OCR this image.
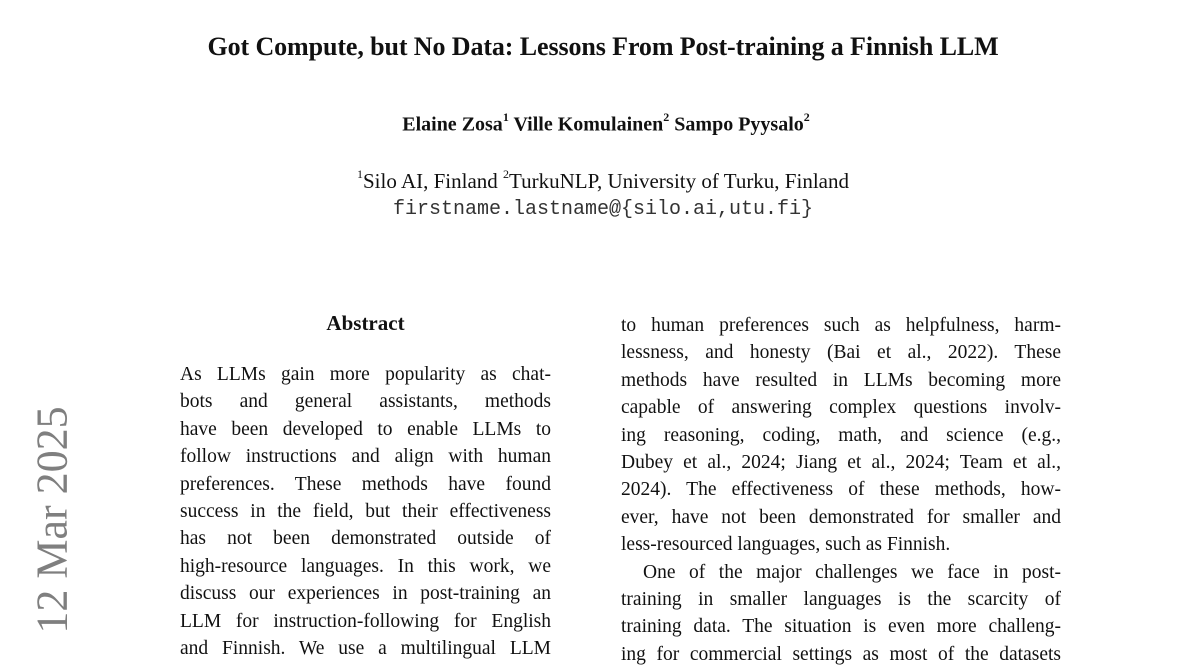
Got Compute, but No Data: Lessons From Post-training a Finnish LLM
Elaine Zosa$^1$ Ville Komulainen$^2$ Sampo Pyysalo$^2$
$^1$Silo AI, Finland $^2$TurkuNLP, University of Turku, Finland
firstname.lastname@{silo.ai,utu.fi}
12 Mar 2025
Abstract
As LLMs gain more popularity as chat-
bots and general assistants, methods
have been developed to enable LLMs to
follow instructions and align with human
preferences. These methods have found
success in the field, but their effectiveness
has not been demonstrated outside of
high-resource languages. In this work, we
discuss our experiences in post-training an
LLM for instruction-following for English
and Finnish. We use a multilingual LLM
to human preferences such as helpfulness, harm-
lessness, and honesty (Bai et al., 2022). These
methods have resulted in LLMs becoming more
capable of answering complex questions involv-
ing reasoning, coding, math, and science (e.g.,
Dubey et al., 2024; Jiang et al., 2024; Team et al.,
2024). The effectiveness of these methods, how-
ever, have not been demonstrated for smaller and
less-resourced languages, such as Finnish.
One of the major challenges we face in post-
training in smaller languages is the scarcity of
training data. The situation is even more challeng-
ing for commercial settings as most of the datasets
